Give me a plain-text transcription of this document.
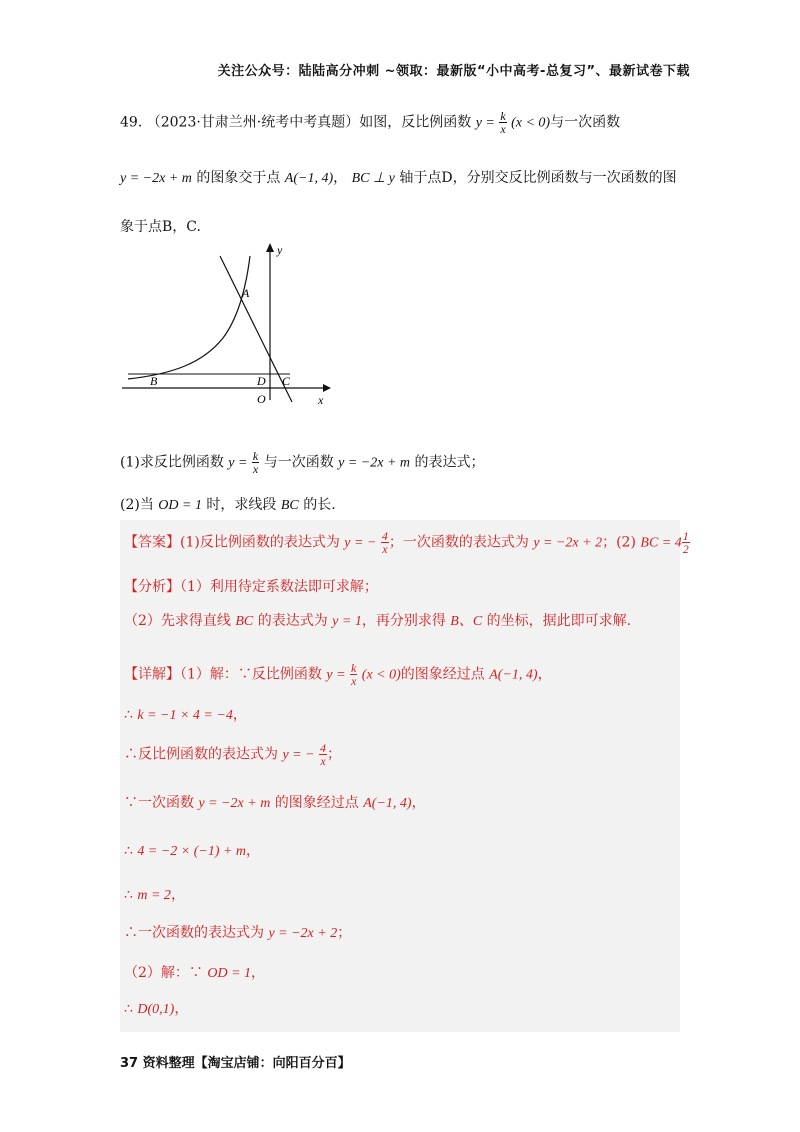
关注公众号：陆陆高分冲刺 ~领取：最新版“小中高考-总复习”、最新试卷下载
49. （2023·甘肃兰州·统考中考真题）如图，反比例函数 $y = \frac{k}{x} (x < 0)$与一次函数
y = −2x + m 的图象交于点 A(−1, 4)， BC ⊥ y 轴于点D，分别交反比例函数与一次函数的图
象于点B，C.
A
B	D C
O	x
y
(1)求反比例函数 $y = \frac{k}{x}$ 与一次函数 y = −2x + m 的表达式；
(2)当 OD = 1 时，求线段 BC 的长.
【答案】(1)反比例函数的表达式为 y = − $\frac{4}{x}$ ；一次函数的表达式为 y = −2x + 2；(2) BC = $4 \frac{1}{2}$
【分析】（1）利用待定系数法即可求解；
（2）先求得直线 BC 的表达式为 y = 1，再分别求得 B、C 的坐标，据此即可求解.
【详解】（1）解：∵反比例函数 $y = \frac{k}{x} (x < 0)$的图象经过点 A(−1, 4)，
∴ k = −1 × 4 = −4，
∴反比例函数的表达式为 y = − $\frac{4}{x}$ ；
∵一次函数 y = −2x + m 的图象经过点 A(−1, 4)，
∴ 4 = −2 × (−1) + m，
∴ m = 2，
∴一次函数的表达式为 y = −2x + 2；
（2）解：∵ OD = 1，
∴ D(0,1)，
37 资料整理【淘宝店铺：向阳百分百】
